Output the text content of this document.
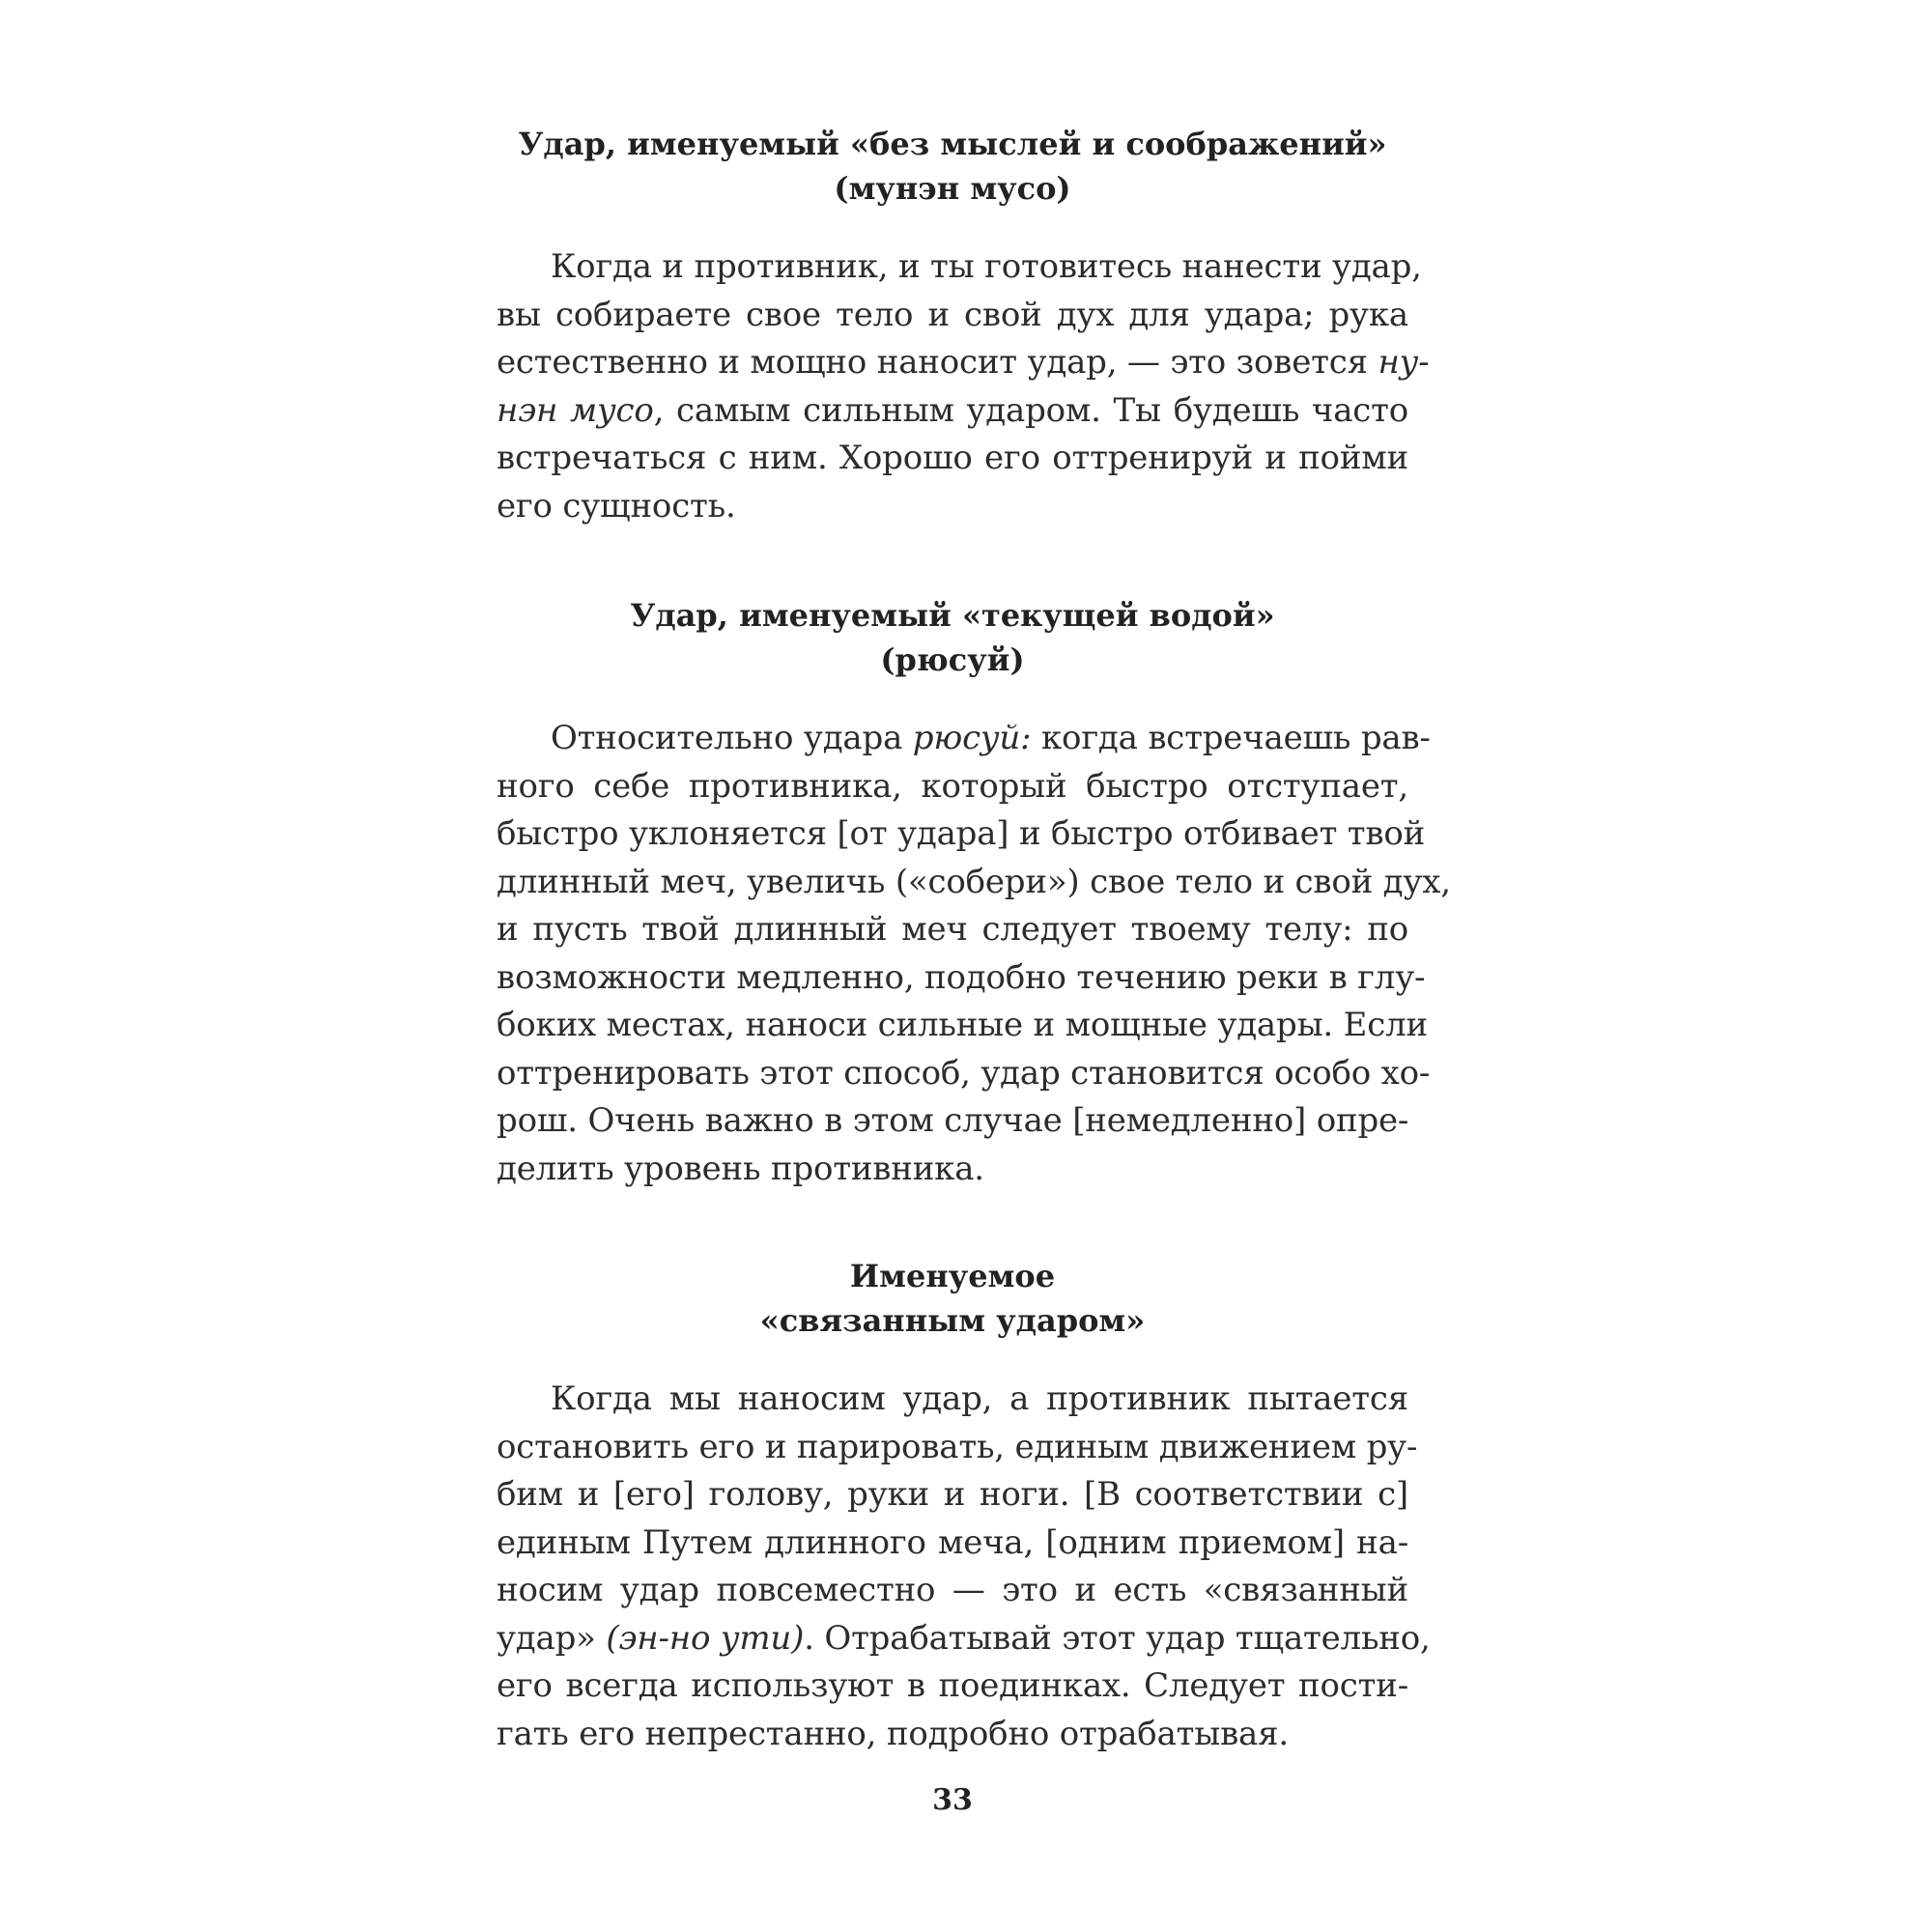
Удар, именуемый «без мыслей и соображений»
(мунэн мусо)
Когда и противник, и ты готовитесь нанести удар,
вы собираете свое тело и свой дух для удара; рука
естественно и мощно наносит удар, — это зовется ну-
нэн мусо, самым сильным ударом. Ты будешь часто
встречаться с ним. Хорошо его оттренируй и пойми
его сущность.
Удар, именуемый «текущей водой»
(рюсуй)
Относительно удара рюсуй: когда встречаешь рав-
ного себе противника, который быстро отступает,
быстро уклоняется [от удара] и быстро отбивает твой
длинный меч, увеличь («собери») свое тело и свой дух,
и пусть твой длинный меч следует твоему телу: по
возможности медленно, подобно течению реки в глу-
боких местах, наноси сильные и мощные удары. Если
оттренировать этот способ, удар становится особо хо-
рош. Очень важно в этом случае [немедленно] опре-
делить уровень противника.
Именуемое
«связанным ударом»
Когда мы наносим удар, а противник пытается
остановить его и парировать, единым движением ру-
бим и [его] голову, руки и ноги. [В соответствии с]
единым Путем длинного меча, [одним приемом] на-
носим удар повсеместно — это и есть «связанный
удар» (эн-но ути). Отрабатывай этот удар тщательно,
его всегда используют в поединках. Следует пости-
гать его непрестанно, подробно отрабатывая.
33
